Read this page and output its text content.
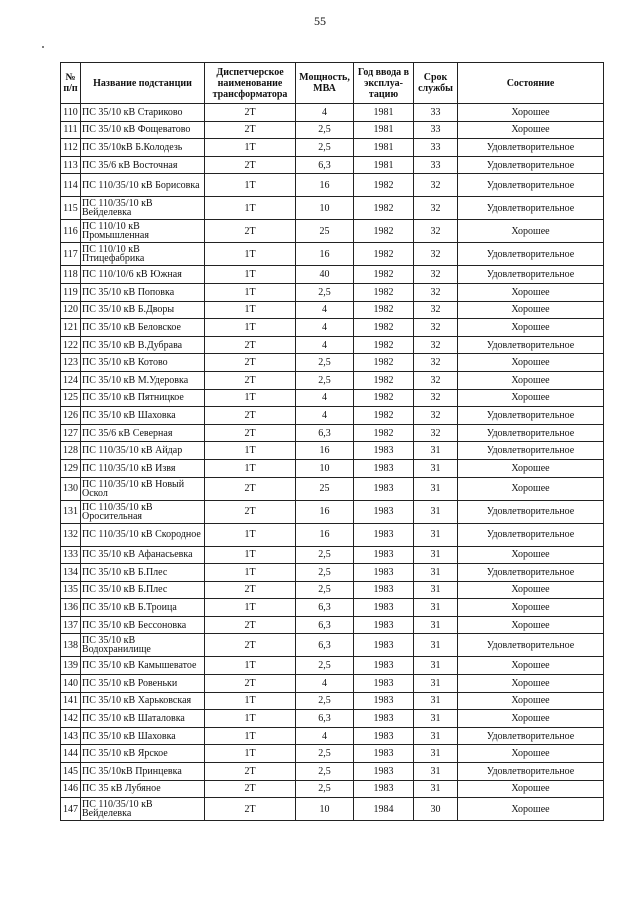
55
№ п/п	Название подстанции	Диспетчерское наименование трансформатора	Мощность, МВА	Год ввода в эксплуа-тацию	Срок службы	Состояние
110	ПС 35/10 кВ Стариково	2Т	4	1981	33	Хорошее
111	ПС 35/10 кВ Фощеватово	2Т	2,5	1981	33	Хорошее
112	ПС 35/10кВ Б.Колодезь	1Т	2,5	1981	33	Удовлетворительное
113	ПС 35/6 кВ Восточная	2Т	6,3	1981	33	Удовлетворительное
114	ПС 110/35/10 кВ Борисовка	1Т	16	1982	32	Удовлетворительное
115	ПС 110/35/10 кВ Вейделевка	1Т	10	1982	32	Удовлетворительное
116	ПС 110/10 кВ Промышленная	2Т	25	1982	32	Хорошее
117	ПС 110/10 кВ Птицефабрика	1Т	16	1982	32	Удовлетворительное
118	ПС 110/10/6 кВ Южная	1Т	40	1982	32	Удовлетворительное
119	ПС 35/10 кВ Поповка	1Т	2,5	1982	32	Хорошее
120	ПС 35/10 кВ Б.Дворы	1Т	4	1982	32	Хорошее
121	ПС 35/10 кВ Беловское	1Т	4	1982	32	Хорошее
122	ПС 35/10 кВ В.Дубрава	2Т	4	1982	32	Удовлетворительное
123	ПС 35/10 кВ Котово	2Т	2,5	1982	32	Хорошее
124	ПС 35/10 кВ М.Удеровка	2Т	2,5	1982	32	Хорошее
125	ПС 35/10 кВ Пятницкое	1Т	4	1982	32	Хорошее
126	ПС 35/10 кВ Шаховка	2Т	4	1982	32	Удовлетворительное
127	ПС 35/6 кВ Северная	2Т	6,3	1982	32	Удовлетворительное
128	ПС 110/35/10 кВ Айдар	1Т	16	1983	31	Удовлетворительное
129	ПС 110/35/10 кВ Извя	1Т	10	1983	31	Хорошее
130	ПС 110/35/10 кВ Новый Оскол	2Т	25	1983	31	Хорошее
131	ПС 110/35/10 кВ Оросительная	2Т	16	1983	31	Удовлетворительное
132	ПС 110/35/10 кВ Скородное	1Т	16	1983	31	Удовлетворительное
133	ПС 35/10 кВ Афанасьевка	1Т	2,5	1983	31	Хорошее
134	ПС 35/10 кВ Б.Плес	1Т	2,5	1983	31	Удовлетворительное
135	ПС 35/10 кВ Б.Плес	2Т	2,5	1983	31	Хорошее
136	ПС 35/10 кВ Б.Троица	1Т	6,3	1983	31	Хорошее
137	ПС 35/10 кВ Бессоновка	2Т	6,3	1983	31	Хорошее
138	ПС 35/10 кВ Водохранилище	2Т	6,3	1983	31	Удовлетворительное
139	ПС 35/10 кВ Камышеватое	1Т	2,5	1983	31	Хорошее
140	ПС 35/10 кВ Ровеньки	2Т	4	1983	31	Хорошее
141	ПС 35/10 кВ Харьковская	1Т	2,5	1983	31	Хорошее
142	ПС 35/10 кВ Шаталовка	1Т	6,3	1983	31	Хорошее
143	ПС 35/10 кВ Шаховка	1Т	4	1983	31	Удовлетворительное
144	ПС 35/10 кВ Ярское	1Т	2,5	1983	31	Хорошее
145	ПС 35/10кВ Принцевка	2Т	2,5	1983	31	Удовлетворительное
146	ПС 35 кВ Лубяное	2Т	2,5	1983	31	Хорошее
147	ПС 110/35/10 кВ Вейделевка	2Т	10	1984	30	Хорошее
